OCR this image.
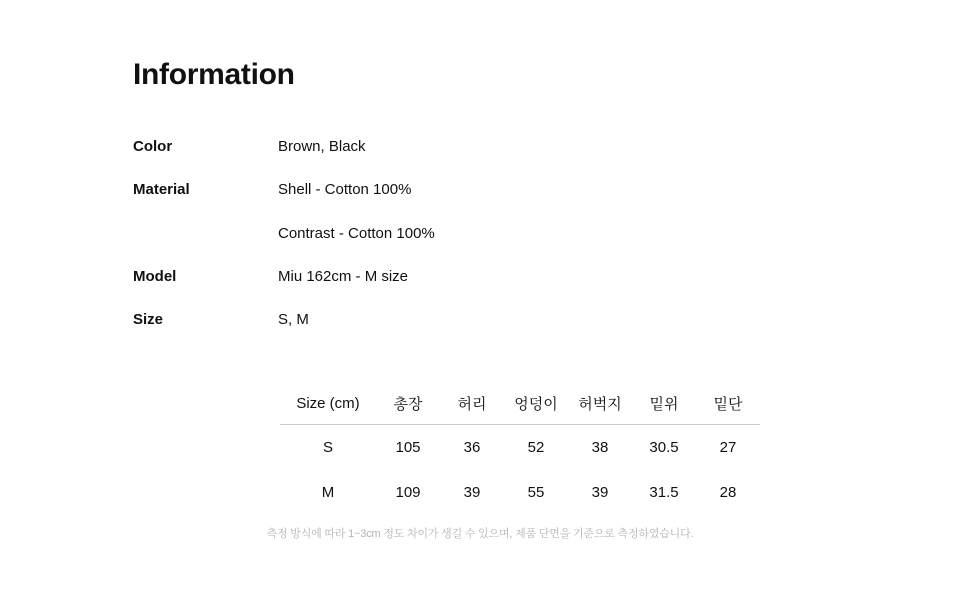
Information
Color	Brown, Black
Material	Shell - Cotton 100%
Contrast - Cotton 100%
Model	Miu 162cm - M size
Size	S, M
Size (cm)	총장	허리	엉덩이	허벅지	밑위	밑단
S	105	36	52	38	30.5	27
M	109	39	55	39	31.5	28
측정 방식에 따라 1~3cm 정도 차이가 생길 수 있으며, 제품 단면을 기준으로 측정하였습니다.
